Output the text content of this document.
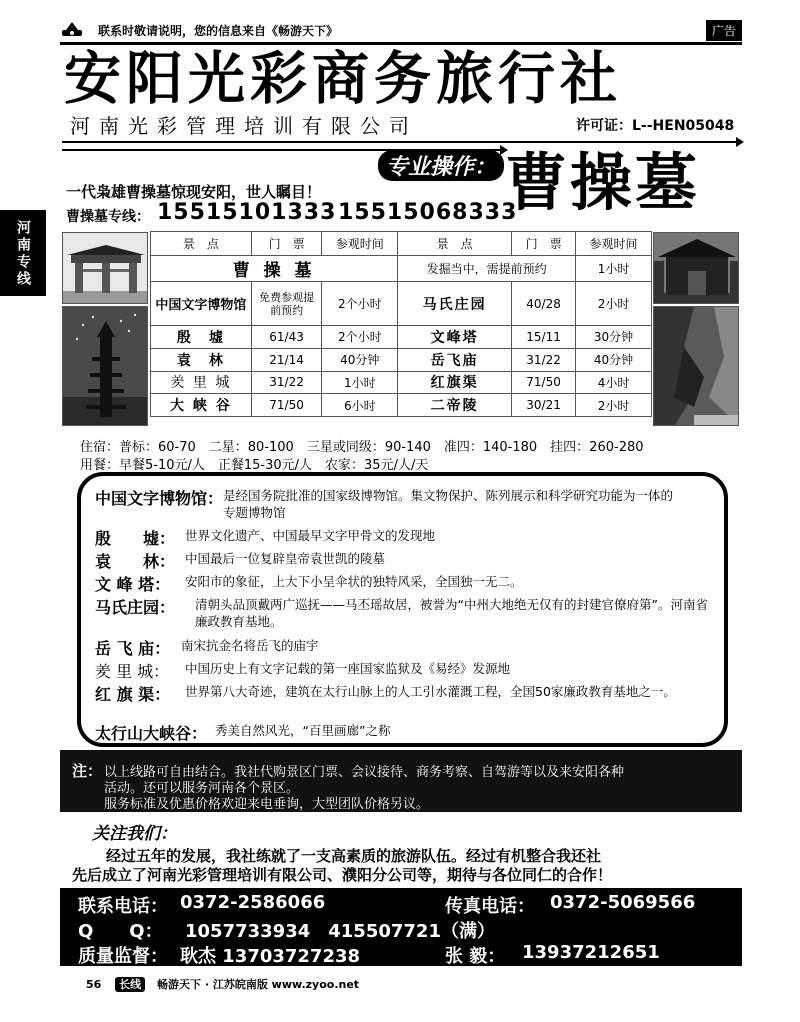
联系时敬请说明，您的信息来自《畅游天下》	广告
安阳光彩商务旅行社
河南光彩管理培训有限公司	许可证：L--HEN05048
专业操作： 曹操墓
一代枭雄曹操墓惊现安阳，世人瞩目！
曹操墓专线： 15515101333 15515068333
河南专线	景　点	门　票	参观时间	景　点	门　票	参观时间
曹 操 墓			发掘当中，需提前预约		1小时
中国文字博物馆	免费参观提前预约	2个小时	马氏庄园	40/28	2小时
殷　墟	61/43	2个小时	文峰塔	15/11	30分钟
袁　林	21/14	40分钟	岳飞庙	31/22	40分钟
羑 里 城	31/22	1小时	红旗渠	71/50	4小时
大 峡 谷	71/50	6小时	二帝陵	30/21	2小时
住宿：普标：60-70　二星：80-100　三星或同级：90-140　准四：140-180　挂四：260-280
用餐：早餐5-10元/人　正餐15-30元/人　农家：35元/人/天
中国文字博物馆： 是经国务院批准的国家级博物馆。集文物保护、陈列展示和科学研究功能为一体的专题博物馆
殷　　墟： 世界文化遗产、中国最早文字甲骨文的发现地
袁　　林： 中国最后一位复辟皇帝袁世凯的陵墓
文 峰 塔：	安阳市的象征，上大下小呈伞状的独特风采，全国独一无二。
马氏庄园：	清朝头品顶戴两广巡抚——马丕瑶故居，被誉为“中州大地绝无仅有的封建官僚府第”。河南省廉政教育基地。
岳 飞 庙： 南宋抗金名将岳飞的庙宇
羑 里 城：	中国历史上有文字记载的第一座国家监狱及《易经》发源地
红 旗 渠：	世界第八大奇迹，建筑在太行山脉上的人工引水灌溉工程，全国50家廉政教育基地之一。
太行山大峡谷： 秀美自然风光，“百里画廊”之称
注： 以上线路可自由结合。我社代购景区门票、会议接待、商务考察、自驾游等以及来安阳各种
活动。还可以服务河南各个景区。
服务标准及优惠价格欢迎来电垂询，大型团队价格另议。
关注我们：
经过五年的发展，我社练就了一支高素质的旅游队伍。经过有机整合我还社
先后成立了河南光彩管理培训有限公司、濮阳分公司等，期待与各位同仁的合作！
联系电话： 0372-2586066	传真电话： 0372-5069566
Q　　Q： 1057733934　415507721（满）
质量监督： 耿杰 13703727238	张 毅： 13937212651
56 长线 畅游天下 · 江苏皖南版 www.zyoo.net
